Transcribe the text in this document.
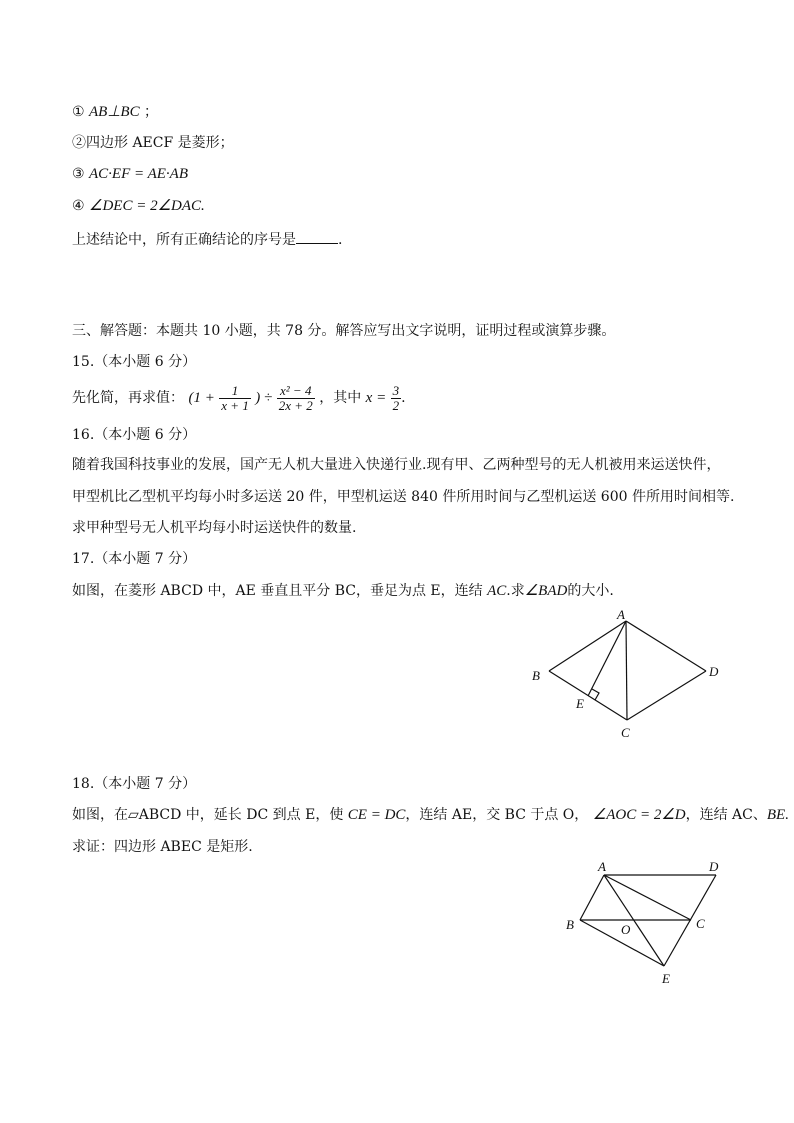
① AB⊥BC ；
②四边形 AECF 是菱形；
③ AC·EF = AE·AB
④ ∠DEC = 2∠DAC.
上述结论中，所有正确结论的序号是	.
三、解答题：本题共 10 小题，共 78 分。解答应写出文字说明，证明过程或演算步骤。
15.（本小题 6 分）
先化简，再求值： ($1 + \frac{1}{x + 1}$ ) ÷ $\frac{\text{x² − 4}}{2x + 2}$ ，其中 $x = \frac{3}{2}$ .
16.（本小题 6 分）
随着我国科技事业的发展，国产无人机大量进入快递行业.现有甲、乙两种型号的无人机被用来运送快件，
甲型机比乙型机平均每小时多运送 20 件，甲型机运送 840 件所用时间与乙型机运送 600 件所用时间相等.
求甲种型号无人机平均每小时运送快件的数量.
17.（本小题 7 分）
如图，在菱形 ABCD 中，AE 垂直且平分 BC，垂足为点 E，连结 AC.求∠BAD的大小.
A
B
C
D
E
18.（本小题 7 分）
如图，在▱ABCD 中，延长 DC 到点 E，使 CE = DC，连结 AE，交 BC 于点 O， ∠AOC = 2∠D，连结 AC、BE.
求证：四边形 ABEC 是矩形.
A	D
B	C
O
E
